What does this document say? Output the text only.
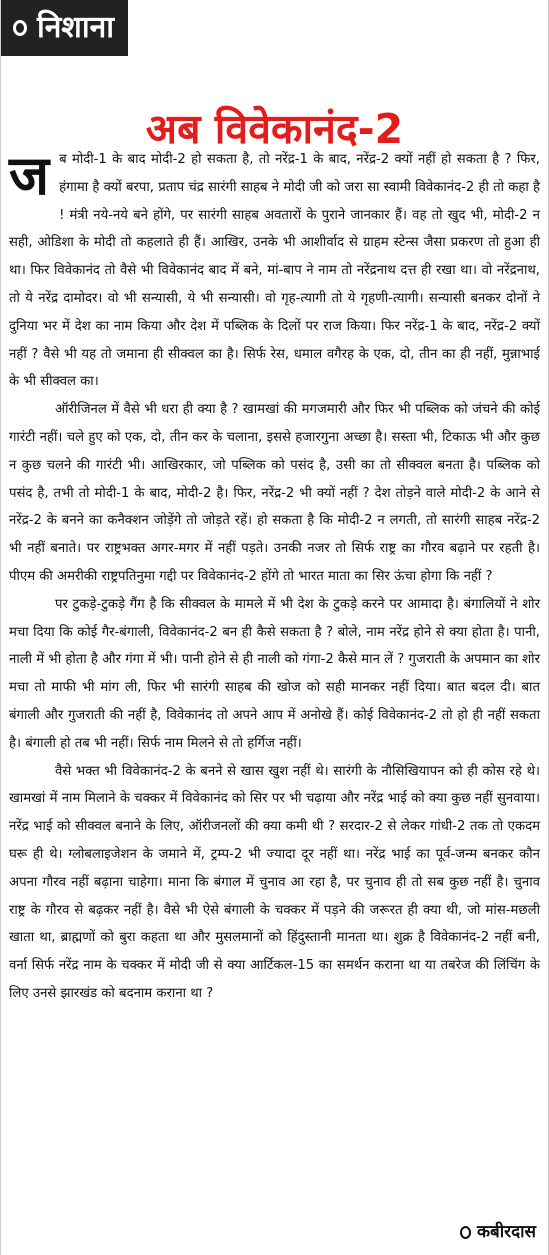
निशाना
अब विवेकानंद-2

जब मोदी-1 के बाद मोदी-2 हो सकता है, तो नरेंद्र-1 के बाद, नरेंद्र-2 क्यों नहीं हो सकता है ? फिर, हंगामा है क्यों बरपा, प्रताप चंद्र सारंगी साहब ने मोदी जी को जरा सा स्वामी विवेकानंद-2 ही तो कहा है ! मंत्री नये-नये बने होंगे, पर सारंगी साहब अवतारों के पुराने जानकार हैं। वह तो खुद भी, मोदी-2 न सही, ओडिशा के मोदी तो कहलाते ही हैं। आखिर, उनके भी आशीर्वाद से ग्राहम स्टेन्स जैसा प्रकरण तो हुआ ही था। फिर विवेकानंद तो वैसे भी विवेकानंद बाद में बने, मां-बाप ने नाम तो नरेंद्रनाथ दत्त ही रखा था। वो नरेंद्रनाथ, तो ये नरेंद्र दामोदर। वो भी सन्यासी, ये भी सन्यासी। वो गृह-त्यागी तो ये गृहणी-त्यागी। सन्यासी बनकर दोनों ने दुनिया भर में देश का नाम किया और देश में पब्लिक के दिलों पर राज किया। फिर नरेंद्र-1 के बाद, नरेंद्र-2 क्यों नहीं ? वैसे भी यह तो जमाना ही सीक्वल का है। सिर्फ रेस, धमाल वगैरह के एक, दो, तीन का ही नहीं, मुन्नाभाई के भी सीक्वल का।

ऑरीजिनल में वैसे भी धरा ही क्या है ? खामखां की मगजमारी और फिर भी पब्लिक को जंचने की कोई गारंटी नहीं। चले हुए को एक, दो, तीन कर के चलाना, इससे हजारगुना अच्छा है। सस्ता भी, टिकाऊ भी और कुछ न कुछ चलने की गारंटी भी। आखिरकार, जो पब्लिक को पसंद है, उसी का तो सीक्वल बनता है। पब्लिक को पसंद है, तभी तो मोदी-1 के बाद, मोदी-2 है। फिर, नरेंद्र-2 भी क्यों नहीं ? देश तोड़ने वाले मोदी-2 के आने से नरेंद्र-2 के बनने का कनैक्शन जोड़ेंगे तो जोड़ते रहें। हो सकता है कि मोदी-2 न लगती, तो सारंगी साहब नरेंद्र-2 भी नहीं बनाते। पर राष्ट्रभक्त अगर-मगर में नहीं पड़ते। उनकी नजर तो सिर्फ राष्ट्र का गौरव बढ़ाने पर रहती है। पीएम की अमरीकी राष्ट्रपतिनुमा गद्दी पर विवेकानंद-2 होंगे तो भारत माता का सिर ऊंचा होगा कि नहीं ?

पर टुकड़े-टुकड़े गैंग है कि सीक्वल के मामले में भी देश के टुकड़े करने पर आमादा है। बंगालियों ने शोर मचा दिया कि कोई गैर-बंगाली, विवेकानंद-2 बन ही कैसे सकता है ? बोले, नाम नरेंद्र होने से क्या होता है। पानी, नाली में भी होता है और गंगा में भी। पानी होने से ही नाली को गंगा-2 कैसे मान लें ? गुजराती के अपमान का शोर मचा तो माफी भी मांग ली, फिर भी सारंगी साहब की खोज को सही मानकर नहीं दिया। बात बदल दी। बात बंगाली और गुजराती की नहीं है, विवेकानंद तो अपने आप में अनोखे हैं। कोई विवेकानंद-2 तो हो ही नहीं सकता है। बंगाली हो तब भी नहीं। सिर्फ नाम मिलने से तो हर्गिज नहीं।

वैसे भक्त भी विवेकानंद-2 के बनने से खास खुश नहीं थे। सारंगी के नौसिखियापन को ही कोस रहे थे। खामखां में नाम मिलाने के चक्कर में विवेकानंद को सिर पर भी चढ़ाया और नरेंद्र भाई को क्या कुछ नहीं सुनवाया। नरेंद्र भाई को सीक्वल बनाने के लिए, ऑरीजनलों की क्या कमी थी ? सरदार-2 से लेकर गांधी-2 तक तो एकदम घरू ही थे। ग्लोबलाइजेशन के जमाने में, ट्रम्प-2 भी ज्यादा दूर नहीं था। नरेंद्र भाई का पूर्व-जन्म बनकर कौन अपना गौरव नहीं बढ़ाना चाहेगा। माना कि बंगाल में चुनाव आ रहा है, पर चुनाव ही तो सब कुछ नहीं है। चुनाव राष्ट्र के गौरव से बढ़कर नहीं है। वैसे भी ऐसे बंगाली के चक्कर में पड़ने की जरूरत ही क्या थी, जो मांस-मछली खाता था, ब्राह्मणों को बुरा कहता था और मुसलमानों को हिंदुस्तानी मानता था। शुक्र है विवेकानंद-2 नहीं बनी, वर्ना सिर्फ नरेंद्र नाम के चक्कर में मोदी जी से क्या आर्टिकल-15 का समर्थन कराना था या तबरेज की लिंचिंग के लिए उनसे झारखंड को बदनाम कराना था ?

कबीरदास
